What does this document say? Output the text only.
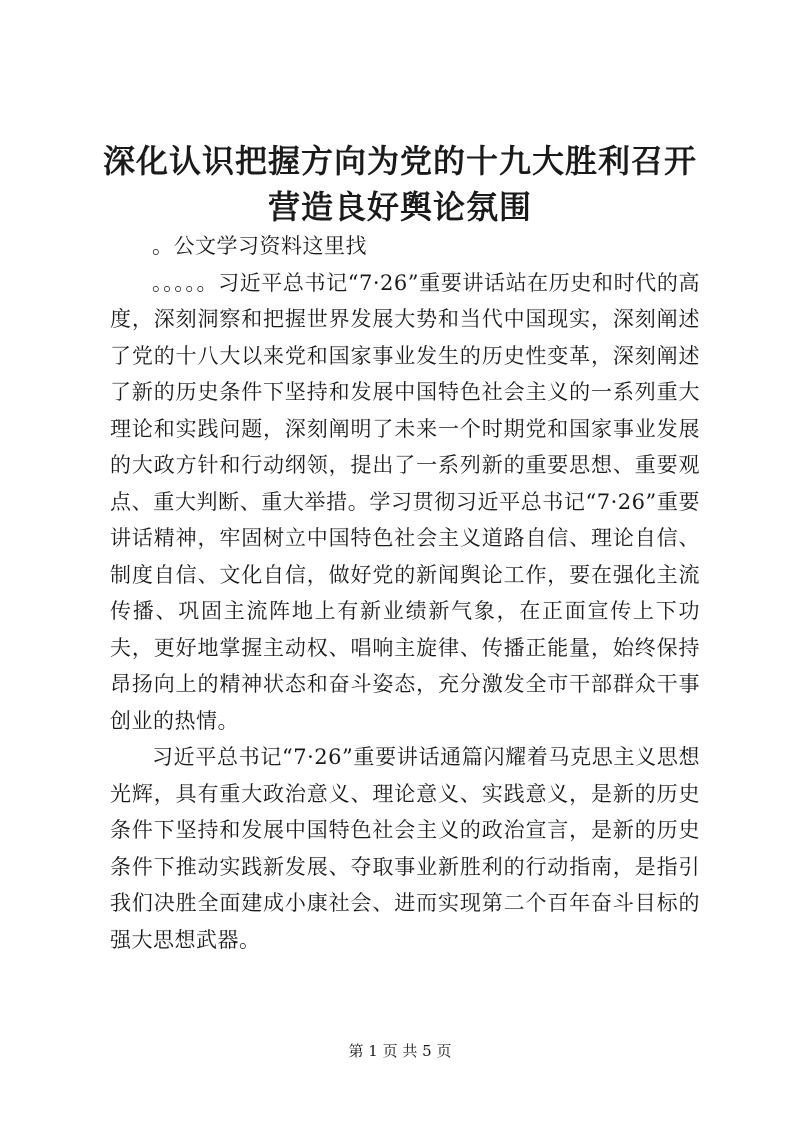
深化认识把握方向为党的十九大胜利召开营造良好舆论氛围

。公文学习资料这里找

。。。。。习近平总书记“7·26”重要讲话站在历史和时代的高度，深刻洞察和把握世界发展大势和当代中国现实，深刻阐述了党的十八大以来党和国家事业发生的历史性变革，深刻阐述了新的历史条件下坚持和发展中国特色社会主义的一系列重大理论和实践问题，深刻阐明了未来一个时期党和国家事业发展的大政方针和行动纲领，提出了一系列新的重要思想、重要观点、重大判断、重大举措。学习贯彻习近平总书记“7·26”重要讲话精神，牢固树立中国特色社会主义道路自信、理论自信、制度自信、文化自信，做好党的新闻舆论工作，要在强化主流传播、巩固主流阵地上有新业绩新气象，在正面宣传上下功夫，更好地掌握主动权、唱响主旋律、传播正能量，始终保持昂扬向上的精神状态和奋斗姿态，充分激发全市干部群众干事创业的热情。

习近平总书记“7·26”重要讲话通篇闪耀着马克思主义思想光辉，具有重大政治意义、理论意义、实践意义，是新的历史条件下坚持和发展中国特色社会主义的政治宣言，是新的历史条件下推动实践新发展、夺取事业新胜利的行动指南，是指引我们决胜全面建成小康社会、进而实现第二个百年奋斗目标的强大思想武器。

第 1 页 共 5 页
